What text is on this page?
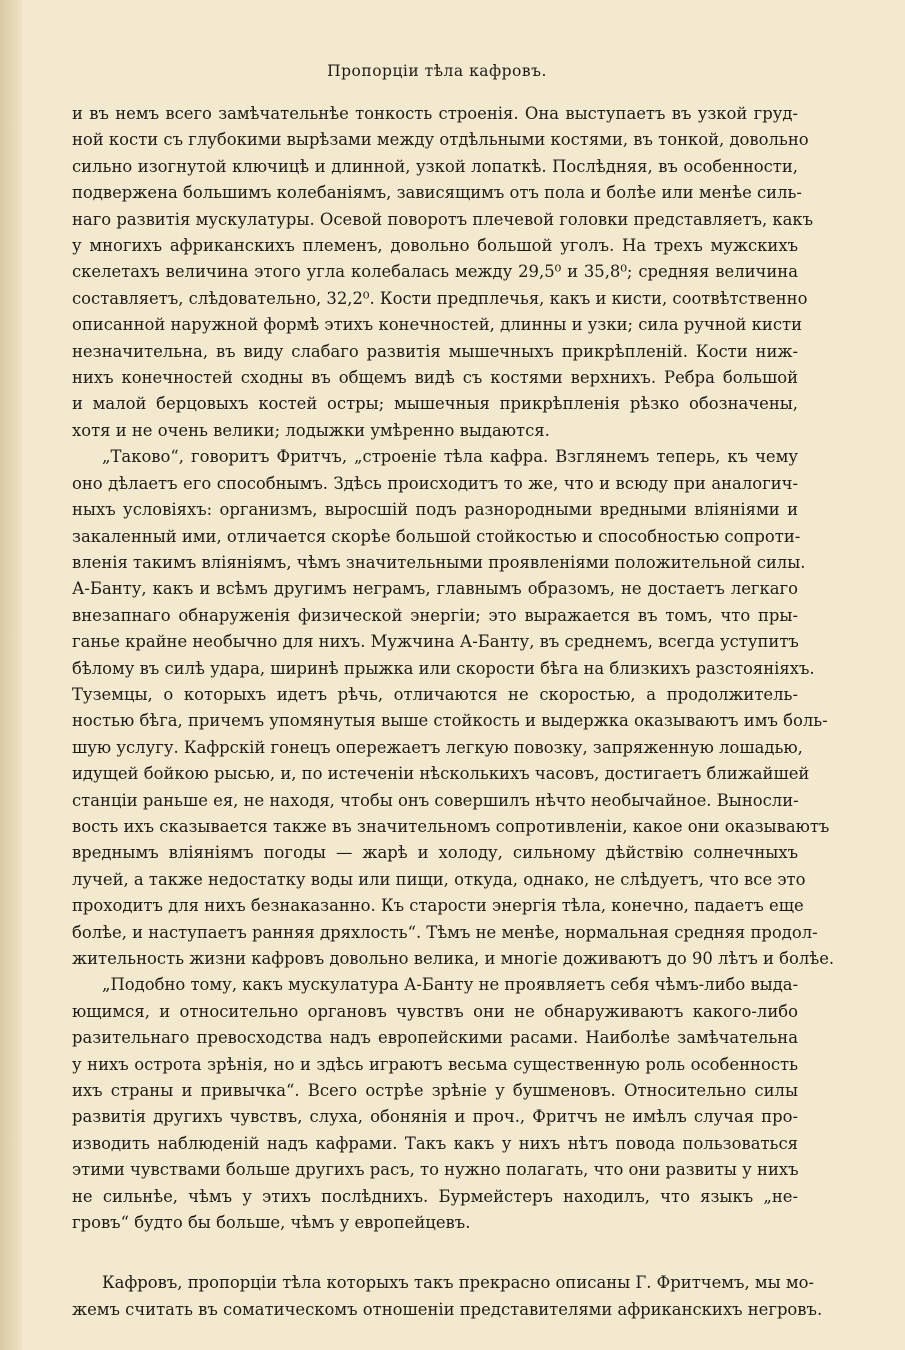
Пропорціи тѣла кафровъ.
и въ немъ всего замѣчательнѣе тонкость строенія. Она выступаетъ въ узкой груд-
ной кости съ глубокими вырѣзами между отдѣльными костями, въ тонкой, довольно
сильно изогнутой ключицѣ и длинной, узкой лопаткѣ. Послѣдняя, въ особенности,
подвержена большимъ колебаніямъ, зависящимъ отъ пола и болѣе или менѣе силь-
наго развитія мускулатуры. Осевой поворотъ плечевой головки представляетъ, какъ
у многихъ африканскихъ племенъ, довольно большой уголъ. На трехъ мужскихъ
скелетахъ величина этого угла колебалась между 29,5⁰ и 35,8⁰; средняя величина
составляетъ, слѣдовательно, 32,2⁰. Кости предплечья, какъ и кисти, соотвѣтственно
описанной наружной формѣ этихъ конечностей, длинны и узки; сила ручной кисти
незначительна, въ виду слабаго развитія мышечныхъ прикрѣпленій. Кости ниж-
нихъ конечностей сходны въ общемъ видѣ съ костями верхнихъ. Ребра большой
и малой берцовыхъ костей остры; мышечныя прикрѣпленія рѣзко обозначены,
хотя и не очень велики; лодыжки умѣренно выдаются.
„Таково“, говоритъ Фритчъ, „строеніе тѣла кафра. Взглянемъ теперь, къ чему
оно дѣлаетъ его способнымъ. Здѣсь происходитъ то же, что и всюду при аналогич-
ныхъ условіяхъ: организмъ, выросшій подъ разнородными вредными вліяніями и
закаленный ими, отличается скорѣе большой стойкостью и способностью сопроти-
вленія такимъ вліяніямъ, чѣмъ значительными проявленіями положительной силы.
А-Банту, какъ и всѣмъ другимъ неграмъ, главнымъ образомъ, не достаетъ легкаго
внезапнаго обнаруженія физической энергіи; это выражается въ томъ, что пры-
ганье крайне необычно для нихъ. Мужчина А-Банту, въ среднемъ, всегда уступитъ
бѣлому въ силѣ удара, ширинѣ прыжка или скорости бѣга на близкихъ разстояніяхъ.
Туземцы, о которыхъ идетъ рѣчь, отличаются не скоростью, а продолжитель-
ностью бѣга, причемъ упомянутыя выше стойкость и выдержка оказываютъ имъ боль-
шую услугу. Кафрскій гонецъ опережаетъ легкую повозку, запряженную лошадью,
идущей бойкою рысью, и, по истеченіи нѣсколькихъ часовъ, достигаетъ ближайшей
станціи раньше ея, не находя, чтобы онъ совершилъ нѣчто необычайное. Выносли-
вость ихъ сказывается также въ значительномъ сопротивленіи, какое они оказываютъ
вреднымъ вліяніямъ погоды — жарѣ и холоду, сильному дѣйствію солнечныхъ
лучей, а также недостатку воды или пищи, откуда, однако, не слѣдуетъ, что все это
проходитъ для нихъ безнаказанно. Къ старости энергія тѣла, конечно, падаетъ еще
болѣе, и наступаетъ ранняя дряхлость“. Тѣмъ не менѣе, нормальная средняя продол-
жительность жизни кафровъ довольно велика, и многіе доживаютъ до 90 лѣтъ и болѣе.
„Подобно тому, какъ мускулатура А-Банту не проявляетъ себя чѣмъ-либо выда-
ющимся, и относительно органовъ чувствъ они не обнаруживаютъ какого-либо
разительнаго превосходства надъ европейскими расами. Наиболѣе замѣчательна
у нихъ острота зрѣнія, но и здѣсь играютъ весьма существенную роль особенность
ихъ страны и привычка“. Всего острѣе зрѣніе у бушменовъ. Относительно силы
развитія другихъ чувствъ, слуха, обонянія и проч., Фритчъ не имѣлъ случая про-
изводить наблюденій надъ кафрами. Такъ какъ у нихъ нѣтъ повода пользоваться
этими чувствами больше другихъ расъ, то нужно полагать, что они развиты у нихъ
не сильнѣе, чѣмъ у этихъ послѣднихъ. Бурмейстеръ находилъ, что языкъ „не-
гровъ“ будто бы больше, чѣмъ у европейцевъ.
Кафровъ, пропорціи тѣла которыхъ такъ прекрасно описаны Г. Фритчемъ, мы мо-
жемъ считать въ соматическомъ отношеніи представителями африканскихъ негровъ.
